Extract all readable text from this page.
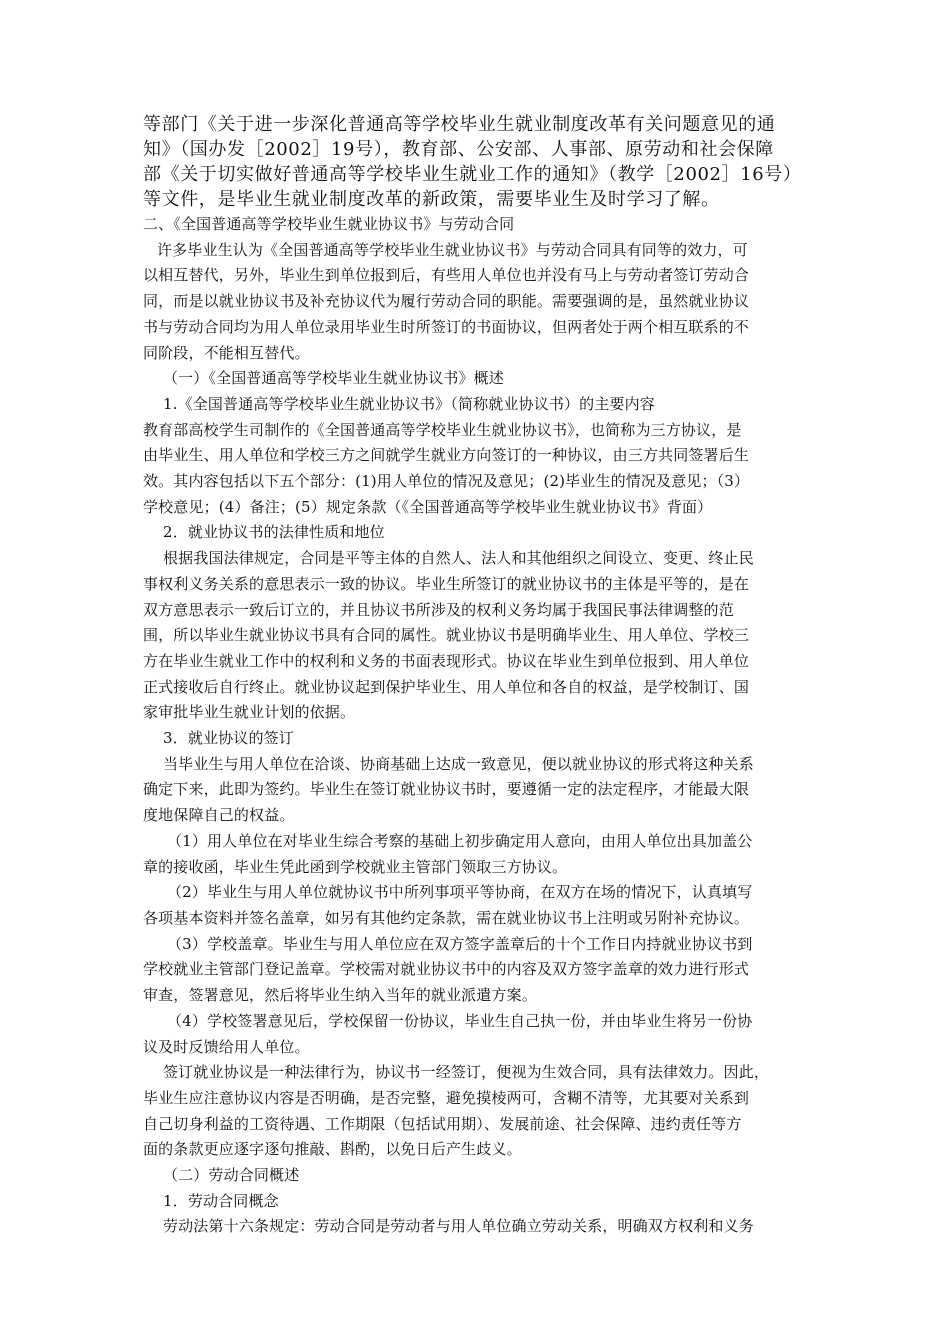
等部门《关于进一步深化普通高等学校毕业生就业制度改革有关问题意见的通

知》（国办发［2002］19号），教育部、公安部、人事部、原劳动和社会保障

部《关于切实做好普通高等学校毕业生就业工作的通知》（教学［2002］16号）

等文件，是毕业生就业制度改革的新政策，需要毕业生及时学习了解。

二、《全国普通高等学校毕业生就业协议书》与劳动合同

许多毕业生认为《全国普通高等学校毕业生就业协议书》与劳动合同具有同等的效力，可

以相互替代，另外，毕业生到单位报到后，有些用人单位也并没有马上与劳动者签订劳动合

同，而是以就业协议书及补充协议代为履行劳动合同的职能。需要强调的是，虽然就业协议

书与劳动合同均为用人单位录用毕业生时所签订的书面协议，但两者处于两个相互联系的不

同阶段，不能相互替代。

（一）《全国普通高等学校毕业生就业协议书》概述

1.《全国普通高等学校毕业生就业协议书》（简称就业协议书）的主要内容

教育部高校学生司制作的《全国普通高等学校毕业生就业协议书》，也简称为三方协议，是

由毕业生、用人单位和学校三方之间就学生就业方向签订的一种协议，由三方共同签署后生

效。其内容包括以下五个部分：(1)用人单位的情况及意见；(2)毕业生的情况及意见；（3）

学校意见；(4）备注；(5）规定条款（《全国普通高等学校毕业生就业协议书》背面）

2．就业协议书的法律性质和地位

根据我国法律规定，合同是平等主体的自然人、法人和其他组织之间设立、变更、终止民

事权利义务关系的意思表示一致的协议。毕业生所签订的就业协议书的主体是平等的，是在

双方意思表示一致后订立的，并且协议书所涉及的权利义务均属于我国民事法律调整的范

围，所以毕业生就业协议书具有合同的属性。就业协议书是明确毕业生、用人单位、学校三

方在毕业生就业工作中的权利和义务的书面表现形式。协议在毕业生到单位报到、用人单位

正式接收后自行终止。就业协议起到保护毕业生、用人单位和各自的权益，是学校制订、国

家审批毕业生就业计划的依据。

3．就业协议的签订

当毕业生与用人单位在洽谈、协商基础上达成一致意见，便以就业协议的形式将这种关系

确定下来，此即为签约。毕业生在签订就业协议书时，要遵循一定的法定程序，才能最大限

度地保障自己的权益。

（1）用人单位在对毕业生综合考察的基础上初步确定用人意向，由用人单位出具加盖公

章的接收函，毕业生凭此函到学校就业主管部门领取三方协议。

（2）毕业生与用人单位就协议书中所列事项平等协商，在双方在场的情况下，认真填写

各项基本资料并签名盖章，如另有其他约定条款，需在就业协议书上注明或另附补充协议。

（3）学校盖章。毕业生与用人单位应在双方签字盖章后的十个工作日内持就业协议书到

学校就业主管部门登记盖章。学校需对就业协议书中的内容及双方签字盖章的效力进行形式

审查，签署意见，然后将毕业生纳入当年的就业派遣方案。

（4）学校签署意见后，学校保留一份协议，毕业生自己执一份，并由毕业生将另一份协

议及时反馈给用人单位。

签订就业协议是一种法律行为，协议书一经签订，便视为生效合同，具有法律效力。因此，

毕业生应注意协议内容是否明确，是否完整，避免摸棱两可，含糊不清等，尤其要对关系到

自己切身利益的工资待遇、工作期限（包括试用期）、发展前途、社会保障、违约责任等方

面的条款更应逐字逐句推敲、斟酌，以免日后产生歧义。

（二）劳动合同概述

1．劳动合同概念

劳动法第十六条规定：劳动合同是劳动者与用人单位确立劳动关系，明确双方权利和义务
